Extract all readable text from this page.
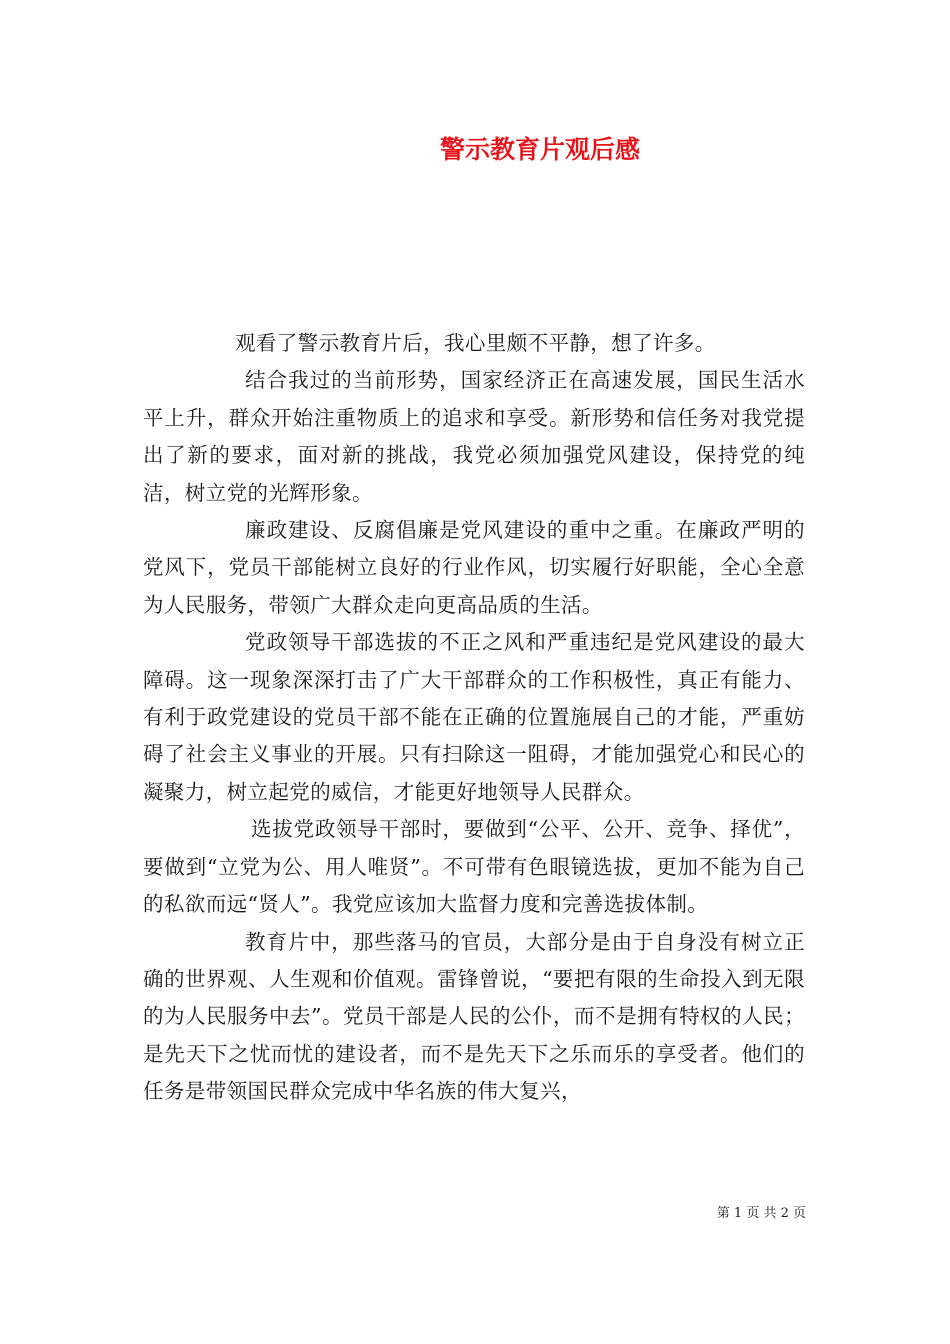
警示教育片观后感

观看了警示教育片后，我心里颇不平静，想了许多。

结合我过的当前形势，国家经济正在高速发展，国民生活水平上升，群众开始注重物质上的追求和享受。新形势和信任务对我党提出了新的要求，面对新的挑战，我党必须加强党风建设，保持党的纯洁，树立党的光辉形象。

廉政建设、反腐倡廉是党风建设的重中之重。在廉政严明的党风下，党员干部能树立良好的行业作风，切实履行好职能，全心全意为人民服务，带领广大群众走向更高品质的生活。

党政领导干部选拔的不正之风和严重违纪是党风建设的最大障碍。这一现象深深打击了广大干部群众的工作积极性，真正有能力、有利于政党建设的党员干部不能在正确的位置施展自己的才能，严重妨碍了社会主义事业的开展。只有扫除这一阻碍，才能加强党心和民心的凝聚力，树立起党的威信，才能更好地领导人民群众。

选拔党政领导干部时，要做到“公平、公开、竞争、择优”，要做到“立党为公、用人唯贤”。不可带有色眼镜选拔，更加不能为自己的私欲而远“贤人”。我党应该加大监督力度和完善选拔体制。

教育片中，那些落马的官员，大部分是由于自身没有树立正确的世界观、人生观和价值观。雷锋曾说，“要把有限的生命投入到无限的为人民服务中去”。党员干部是人民的公仆，而不是拥有特权的人民；是先天下之忧而忧的建设者，而不是先天下之乐而乐的享受者。他们的任务是带领国民群众完成中华名族的伟大复兴，

第 1 页 共 2 页
